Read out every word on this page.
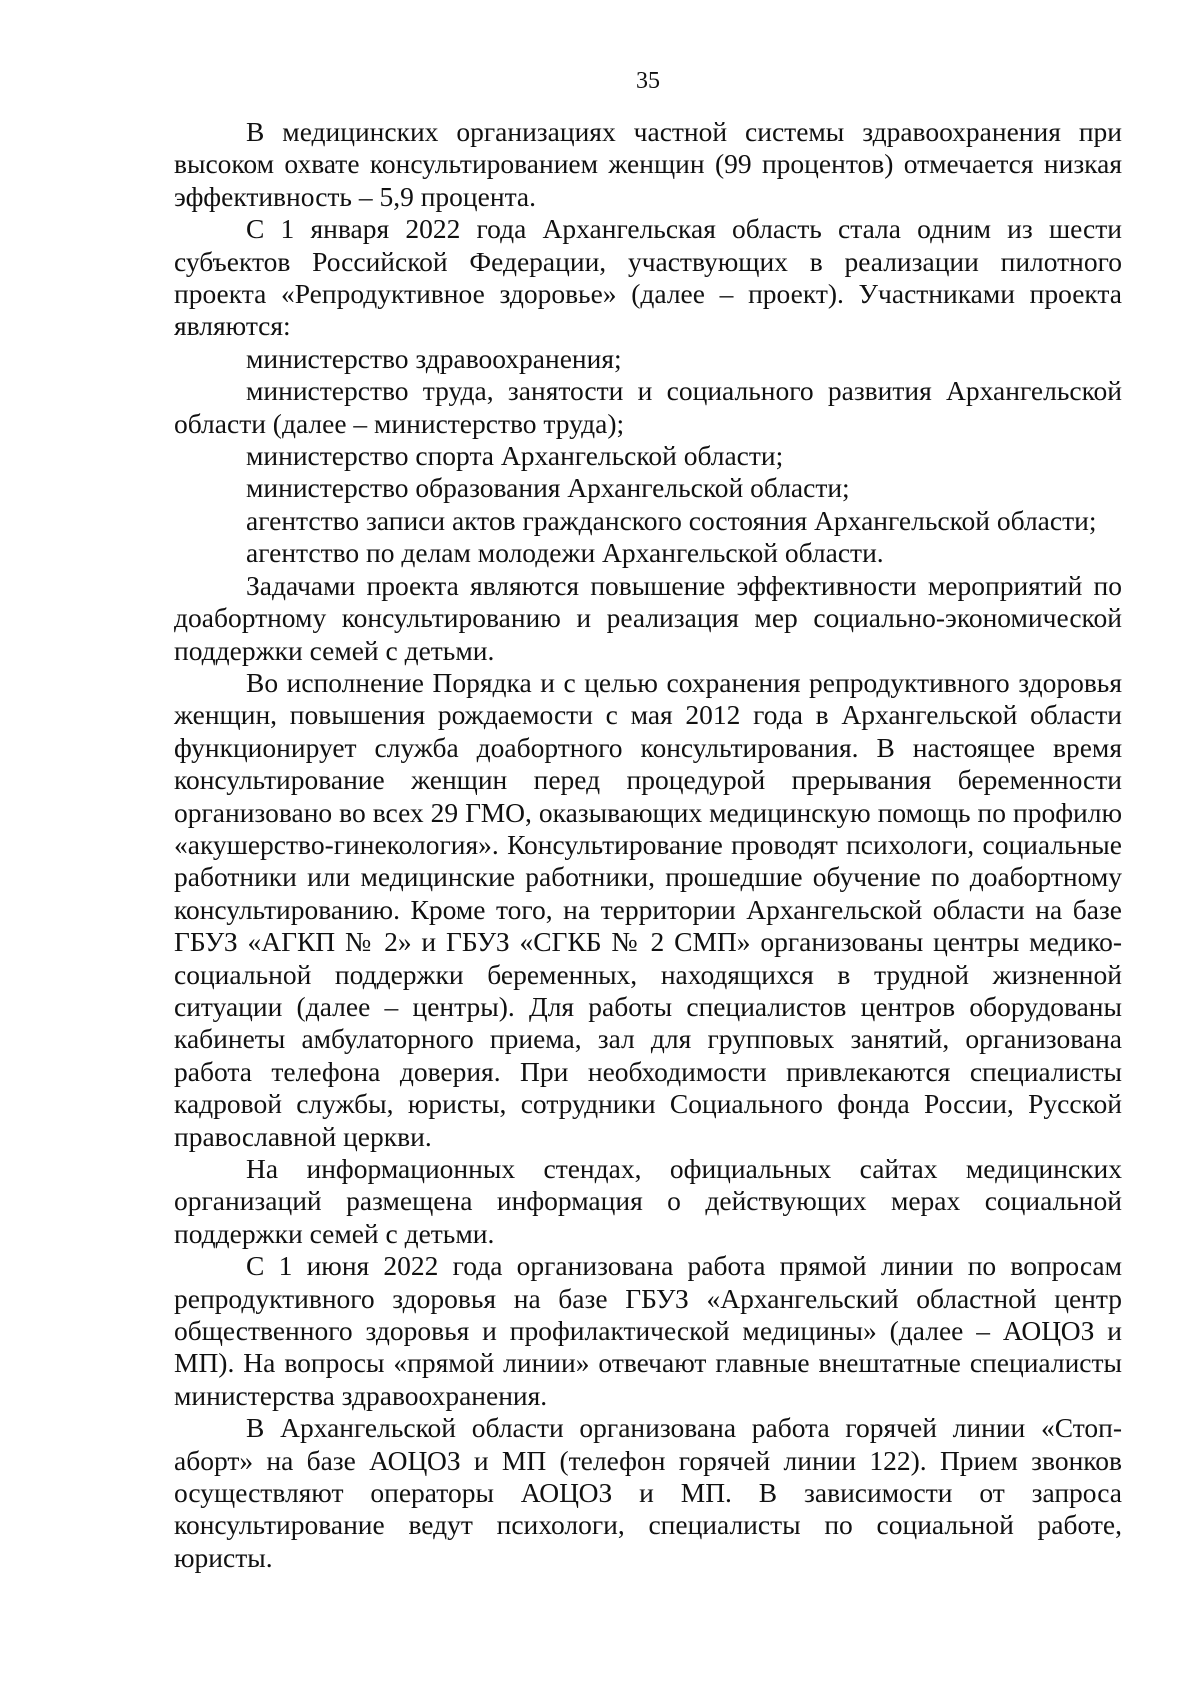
35

В медицинских организациях частной системы здравоохранения при высоком охвате консультированием женщин (99 процентов) отмечается низкая эффективность – 5,9 процента.

С 1 января 2022 года Архангельская область стала одним из шести субъектов Российской Федерации, участвующих в реализации пилотного проекта «Репродуктивное здоровье» (далее – проект). Участниками проекта являются:

министерство здравоохранения;

министерство труда, занятости и социального развития Архангельской области (далее – министерство труда);

министерство спорта Архангельской области;

министерство образования Архангельской области;

агентство записи актов гражданского состояния Архангельской области;

агентство по делам молодежи Архангельской области.

Задачами проекта являются повышение эффективности мероприятий по доабортному консультированию и реализация мер социально-экономической поддержки семей с детьми.

Во исполнение Порядка и с целью сохранения репродуктивного здоровья женщин, повышения рождаемости с мая 2012 года в Архангельской области функционирует служба доабортного консультирования. В настоящее время консультирование женщин перед процедурой прерывания беременности организовано во всех 29 ГМО, оказывающих медицинскую помощь по профилю «акушерство-гинекология». Консультирование проводят психологи, социальные работники или медицинские работники, прошедшие обучение по доабортному консультированию. Кроме того, на территории Архангельской области на базе ГБУЗ «АГКП № 2» и ГБУЗ «СГКБ № 2 СМП» организованы центры медико-социальной поддержки беременных, находящихся в трудной жизненной ситуации (далее – центры). Для работы специалистов центров оборудованы кабинеты амбулаторного приема, зал для групповых занятий, организована работа телефона доверия. При необходимости привлекаются специалисты кадровой службы, юристы, сотрудники Социального фонда России, Русской православной церкви.

На информационных стендах, официальных сайтах медицинских организаций размещена информация о действующих мерах социальной поддержки семей с детьми.

С 1 июня 2022 года организована работа прямой линии по вопросам репродуктивного здоровья на базе ГБУЗ «Архангельский областной центр общественного здоровья и профилактической медицины» (далее – АОЦОЗ и МП). На вопросы «прямой линии» отвечают главные внештатные специалисты министерства здравоохранения.

В Архангельской области организована работа горячей линии «Стоп-аборт» на базе АОЦОЗ и МП (телефон горячей линии 122). Прием звонков осуществляют операторы АОЦОЗ и МП. В зависимости от запроса консультирование ведут психологи, специалисты по социальной работе, юристы.
